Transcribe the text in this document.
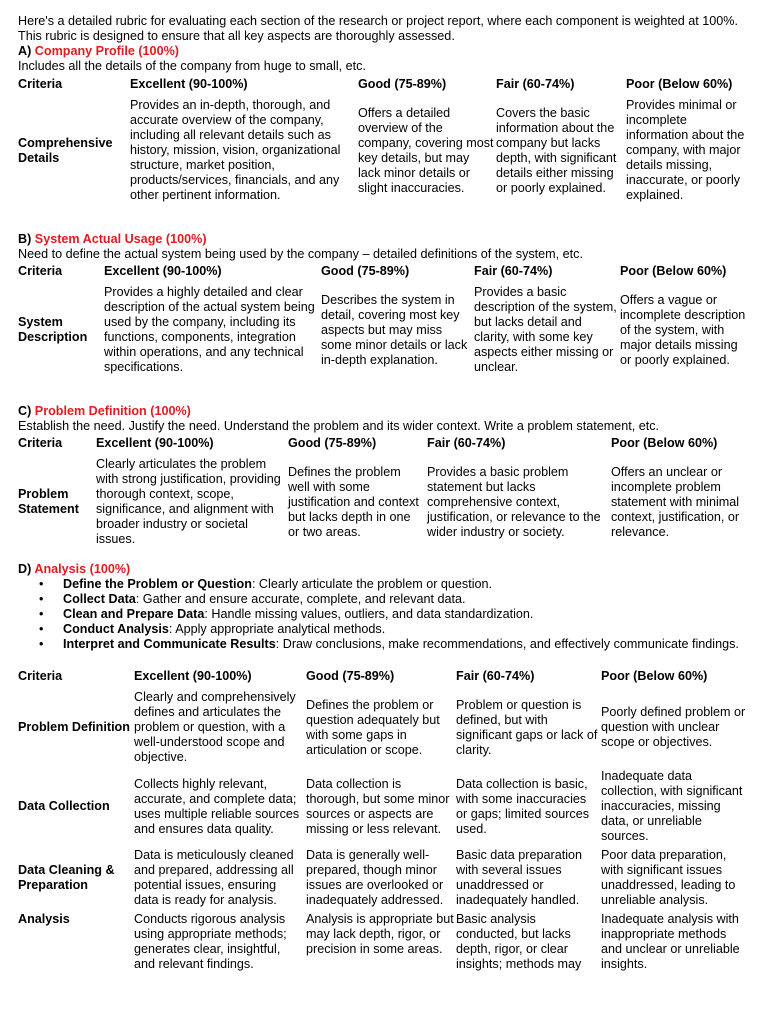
Here's a detailed rubric for evaluating each section of the research or project report, where each component is weighted at 100%. This rubric is designed to ensure that all key aspects are thoroughly assessed.
A) Company Profile (100%)
Includes all the details of the company from huge to small, etc.
Criteria	Excellent (90-100%)	Good (75-89%)	Fair (60-74%)	Poor (Below 60%)
Comprehensive Details	Provides an in-depth, thorough, and accurate overview of the company, including all relevant details such as history, mission, vision, organizational structure, market position, products/services, financials, and any other pertinent information.	Offers a detailed overview of the company, covering most key details, but may lack minor details or slight inaccuracies.	Covers the basic information about the company but lacks depth, with significant details either missing or poorly explained.	Provides minimal or incomplete information about the company, with major details missing, inaccurate, or poorly explained.
B) System Actual Usage (100%)
Need to define the actual system being used by the company – detailed definitions of the system, etc.
Criteria	Excellent (90-100%)	Good (75-89%)	Fair (60-74%)	Poor (Below 60%)
System Description	Provides a highly detailed and clear description of the actual system being used by the company, including its functions, components, integration within operations, and any technical specifications.	Describes the system in detail, covering most key aspects but may miss some minor details or lack in-depth explanation.	Provides a basic description of the system, but lacks detail and clarity, with some key aspects either missing or unclear.	Offers a vague or incomplete description of the system, with major details missing or poorly explained.
C) Problem Definition (100%)
Establish the need. Justify the need. Understand the problem and its wider context. Write a problem statement, etc.
Criteria	Excellent (90-100%)	Good (75-89%)	Fair (60-74%)	Poor (Below 60%)
Problem Statement	Clearly articulates the problem with strong justification, providing thorough context, scope, significance, and alignment with broader industry or societal issues.	Defines the problem well with some justification and context but lacks depth in one or two areas.	Provides a basic problem statement but lacks comprehensive context, justification, or relevance to the wider industry or society.	Offers an unclear or incomplete problem statement with minimal context, justification, or relevance.
D) Analysis (100%)
• Define the Problem or Question: Clearly articulate the problem or question.
• Collect Data: Gather and ensure accurate, complete, and relevant data.
• Clean and Prepare Data: Handle missing values, outliers, and data standardization.
• Conduct Analysis: Apply appropriate analytical methods.
• Interpret and Communicate Results: Draw conclusions, make recommendations, and effectively communicate findings.
Criteria	Excellent (90-100%)	Good (75-89%)	Fair (60-74%)	Poor (Below 60%)
Problem Definition	Clearly and comprehensively defines and articulates the problem or question, with a well-understood scope and objective.	Defines the problem or question adequately but with some gaps in articulation or scope.	Problem or question is defined, but with significant gaps or lack of clarity.	Poorly defined problem or question with unclear scope or objectives.
Data Collection	Collects highly relevant, accurate, and complete data; uses multiple reliable sources and ensures data quality.	Data collection is thorough, but some minor sources or aspects are missing or less relevant.	Data collection is basic, with some inaccuracies or gaps; limited sources used.	Inadequate data collection, with significant inaccuracies, missing data, or unreliable sources.
Data Cleaning & Preparation	Data is meticulously cleaned and prepared, addressing all potential issues, ensuring data is ready for analysis.	Data is generally well-prepared, though minor issues are overlooked or inadequately addressed.	Basic data preparation with several issues unaddressed or inadequately handled.	Poor data preparation, with significant issues unaddressed, leading to unreliable analysis.
Analysis	Conducts rigorous analysis using appropriate methods; generates clear, insightful, and relevant findings.	Analysis is appropriate but may lack depth, rigor, or precision in some areas.	Basic analysis conducted, but lacks depth, rigor, or clear insights; methods may	Inadequate analysis with inappropriate methods and unclear or unreliable insights.
